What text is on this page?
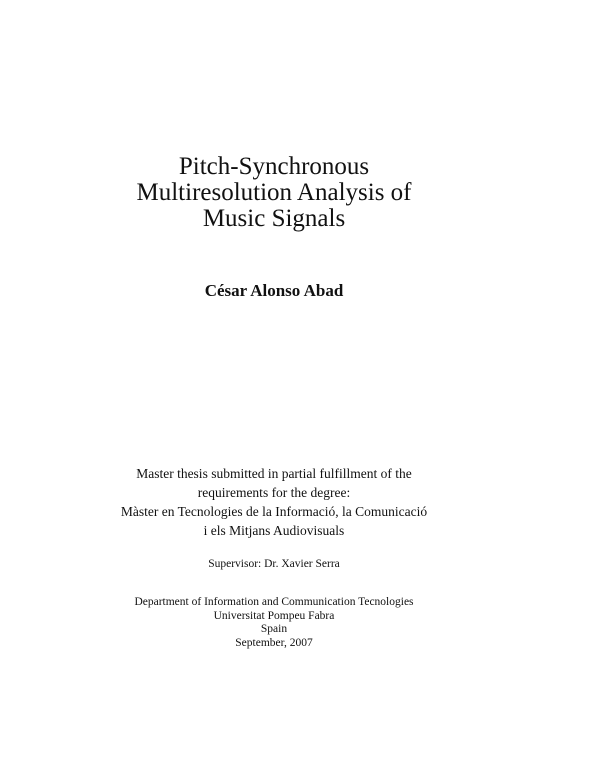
Pitch-Synchronous
Multiresolution Analysis of
Music Signals
César Alonso Abad
Master thesis submitted in partial fulfillment of the
requirements for the degree:
Màster en Tecnologies de la Informació, la Comunicació
i els Mitjans Audiovisuals
Supervisor: Dr. Xavier Serra
Department of Information and Communication Tecnologies
Universitat Pompeu Fabra
Spain
September, 2007
